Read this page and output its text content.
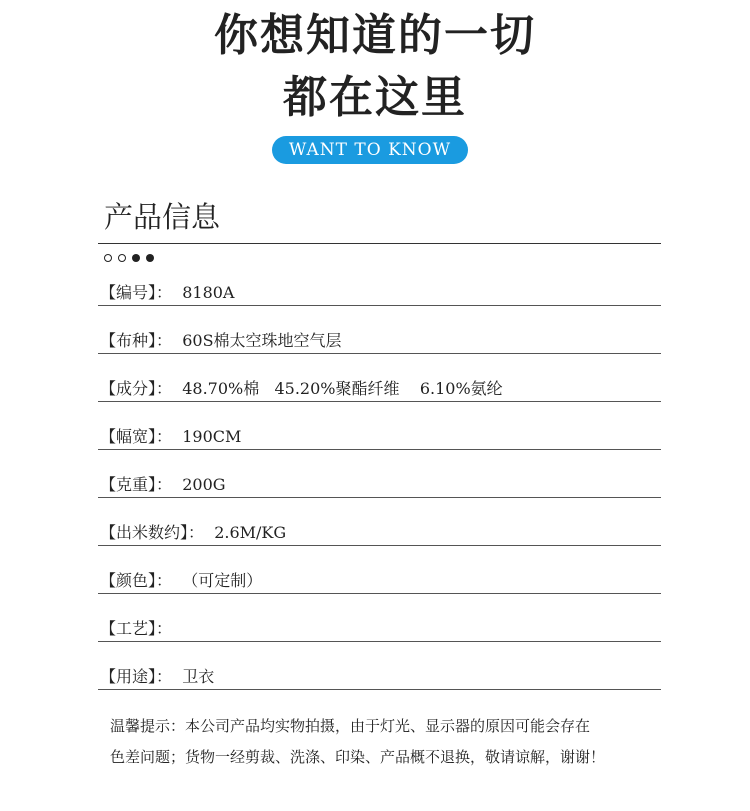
你想知道的一切
都在这里
WANT TO KNOW
产品信息
【编号】：  8180A
【布种】：  60S棉太空珠地空气层
【成分】：  48.70%棉   45.20%聚酯纤维    6.10%氨纶
【幅宽】：  190CM
【克重】：  200G
【出米数约】：  2.6M/KG
【颜色】：  （可定制）
【工艺】：
【用途】：  卫衣
温馨提示：本公司产品均实物拍摄，由于灯光、显示器的原因可能会存在
色差问题；货物一经剪裁、洗涤、印染、产品概不退换，敬请谅解，谢谢！
